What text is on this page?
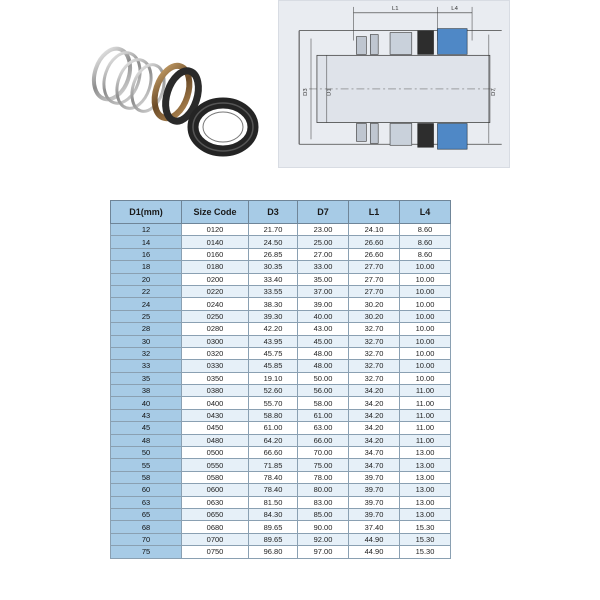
L1	L4
D3	D1	D7
D1(mm)	Size Code	D3	D7	L1	L4
12	0120	21.70	23.00	24.10	8.60
14	0140	24.50	25.00	26.60	8.60
16	0160	26.85	27.00	26.60	8.60
18	0180	30.35	33.00	27.70	10.00
20	0200	33.40	35.00	27.70	10.00
22	0220	33.55	37.00	27.70	10.00
24	0240	38.30	39.00	30.20	10.00
25	0250	39.30	40.00	30.20	10.00
28	0280	42.20	43.00	32.70	10.00
30	0300	43.95	45.00	32.70	10.00
32	0320	45.75	48.00	32.70	10.00
33	0330	45.85	48.00	32.70	10.00
35	0350	19.10	50.00	32.70	10.00
38	0380	52.60	56.00	34.20	11.00
40	0400	55.70	58.00	34.20	11.00
43	0430	58.80	61.00	34.20	11.00
45	0450	61.00	63.00	34.20	11.00
48	0480	64.20	66.00	34.20	11.00
50	0500	66.60	70.00	34.70	13.00
55	0550	71.85	75.00	34.70	13.00
58	0580	78.40	78.00	39.70	13.00
60	0600	78.40	80.00	39.70	13.00
63	0630	81.50	83.00	39.70	13.00
65	0650	84.30	85.00	39.70	13.00
68	0680	89.65	90.00	37.40	15.30
70	0700	89.65	92.00	44.90	15.30
75	0750	96.80	97.00	44.90	15.30
